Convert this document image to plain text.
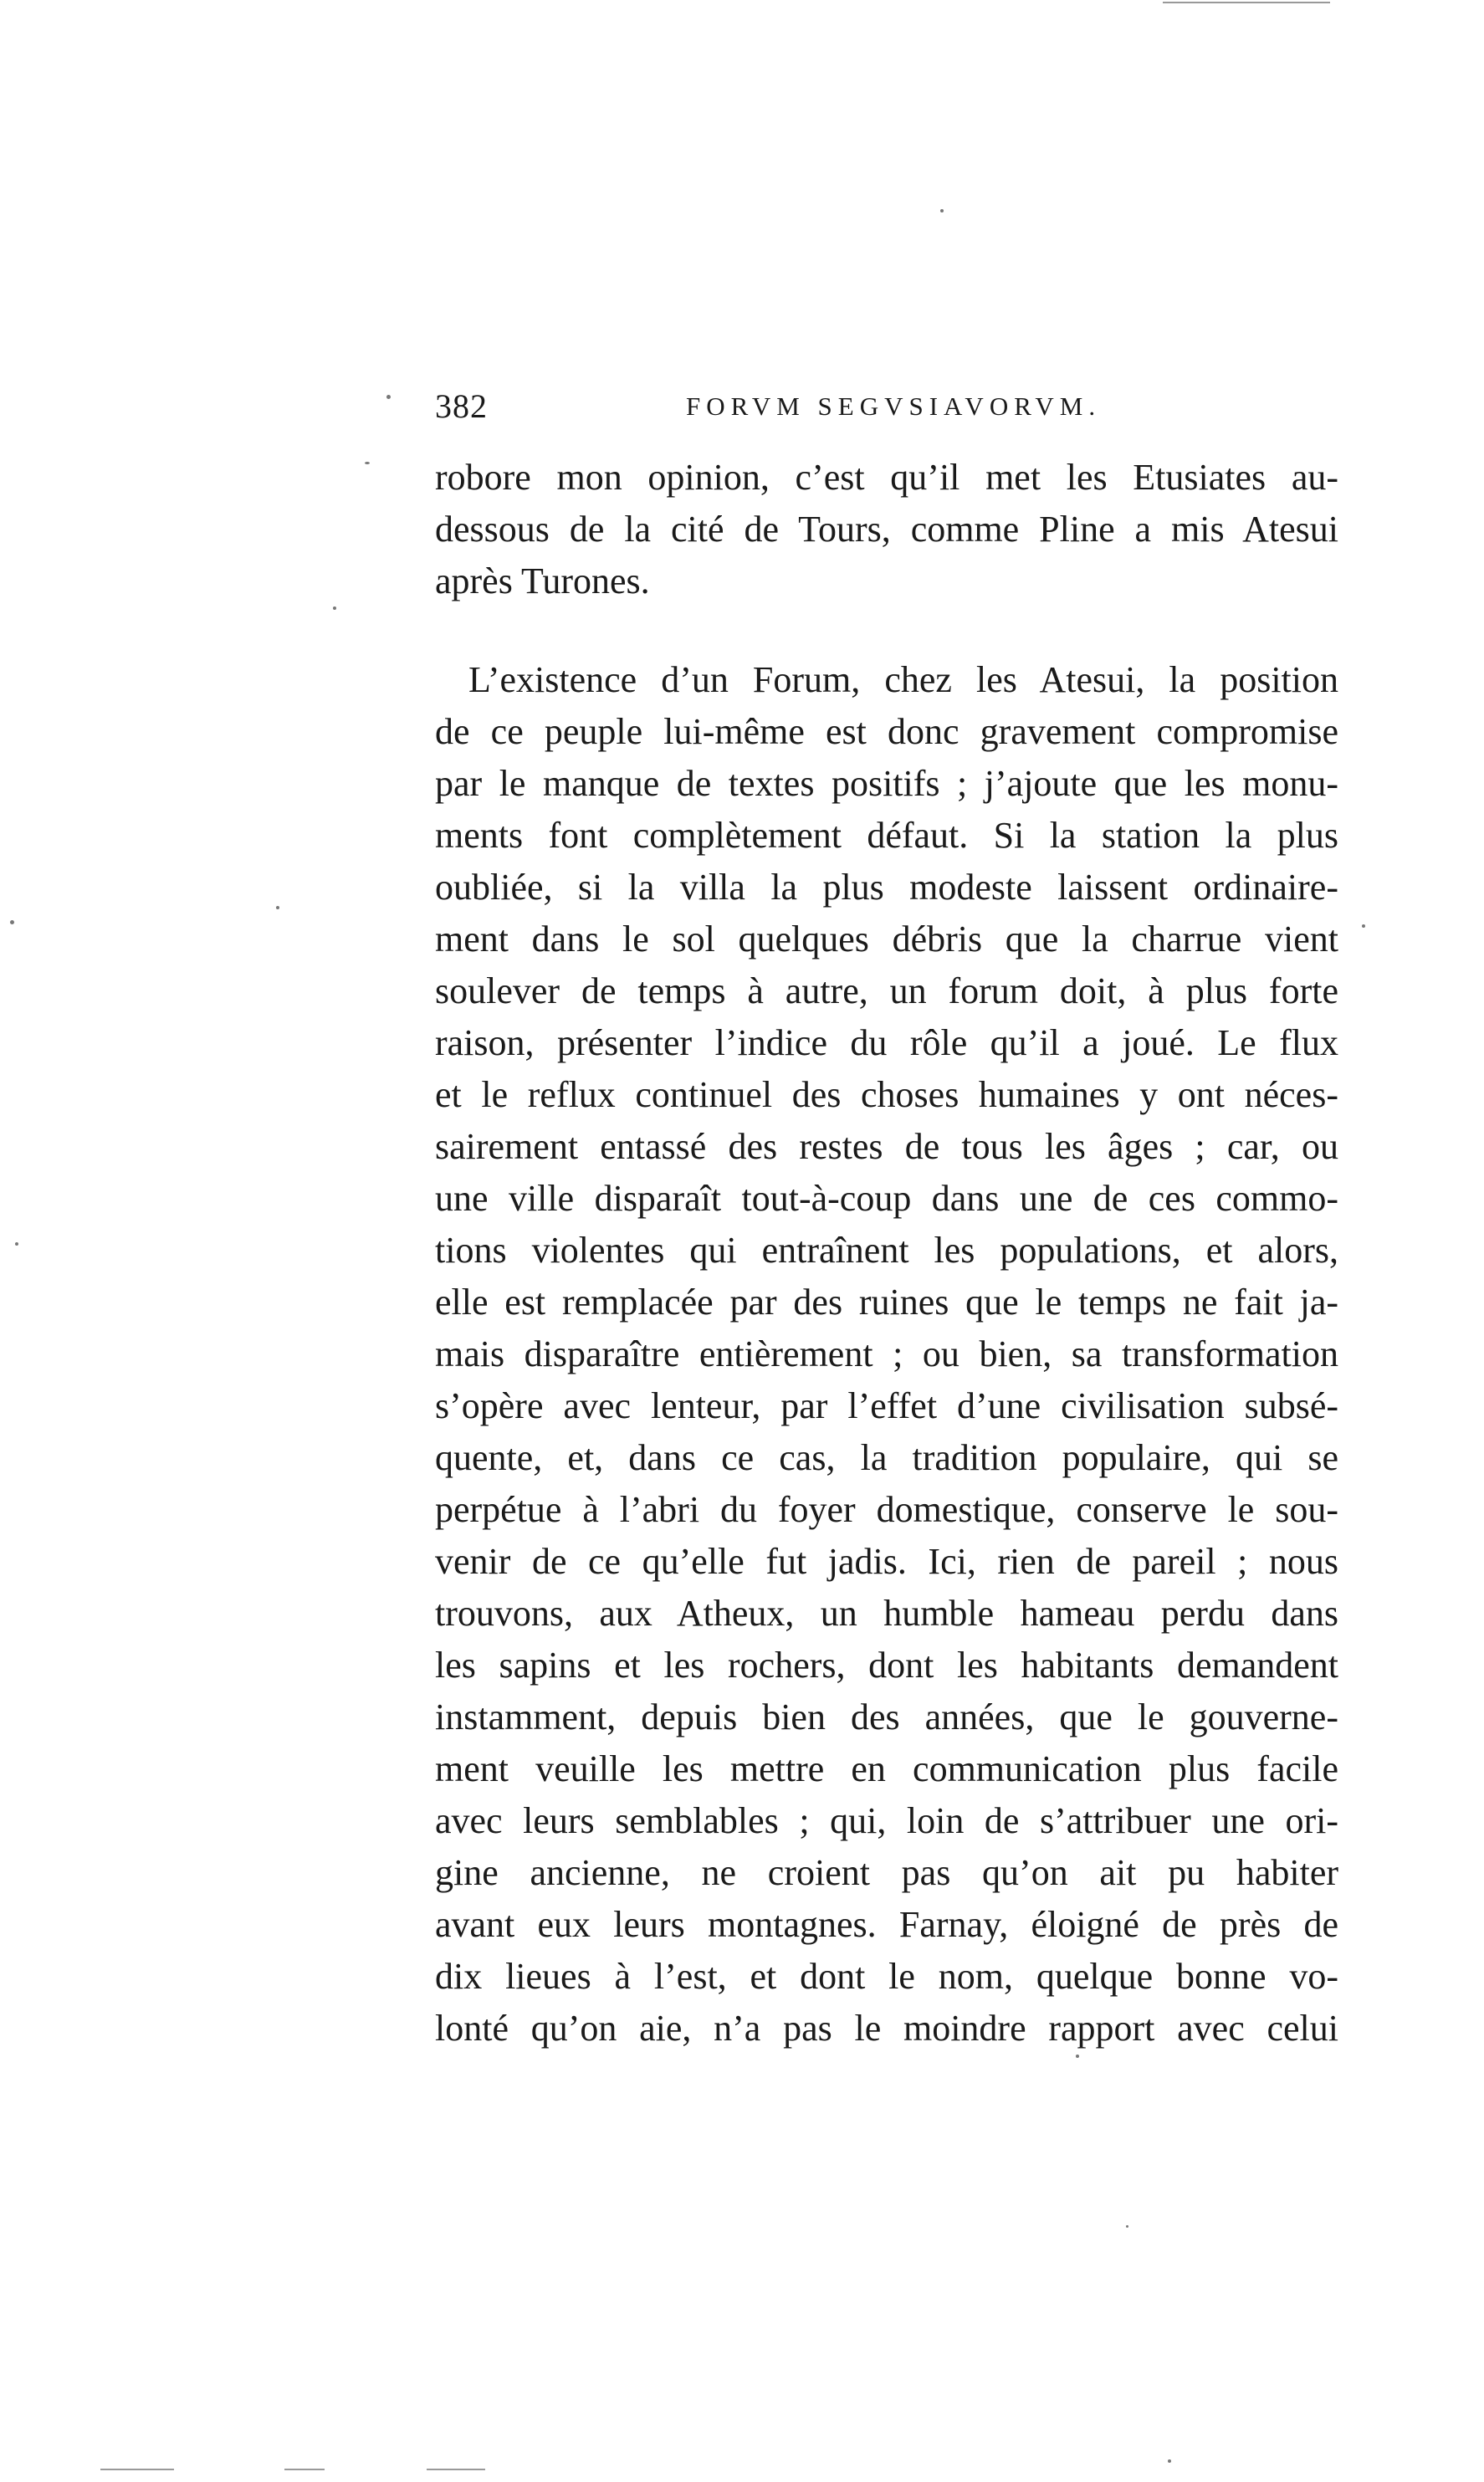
382	FORVM SEGVSIAVORVM.
robore mon opinion, c’est qu’il met les Etusiates au-
dessous de la cité de Tours, comme Pline a mis Atesui
après Turones.
L’existence d’un Forum, chez les Atesui, la position
de ce peuple lui-même est donc gravement compromise
par le manque de textes positifs ; j’ajoute que les monu-
ments font complètement défaut. Si la station la plus
oubliée, si la villa la plus modeste laissent ordinaire-
ment dans le sol quelques débris que la charrue vient
soulever de temps à autre, un forum doit, à plus forte
raison, présenter l’indice du rôle qu’il a joué. Le flux
et le reflux continuel des choses humaines y ont néces-
sairement entassé des restes de tous les âges ; car, ou
une ville disparaît tout-à-coup dans une de ces commo-
tions violentes qui entraînent les populations, et alors,
elle est remplacée par des ruines que le temps ne fait ja-
mais disparaître entièrement ; ou bien, sa transformation
s’opère avec lenteur, par l’effet d’une civilisation subsé-
quente, et, dans ce cas, la tradition populaire, qui se
perpétue à l’abri du foyer domestique, conserve le sou-
venir de ce qu’elle fut jadis. Ici, rien de pareil ; nous
trouvons, aux Atheux, un humble hameau perdu dans
les sapins et les rochers, dont les habitants demandent
instamment, depuis bien des années, que le gouverne-
ment veuille les mettre en communication plus facile
avec leurs semblables ; qui, loin de s’attribuer une ori-
gine ancienne, ne croient pas qu’on ait pu habiter
avant eux leurs montagnes. Farnay, éloigné de près de
dix lieues à l’est, et dont le nom, quelque bonne vo-
lonté qu’on aie, n’a pas le moindre rapport avec celui
